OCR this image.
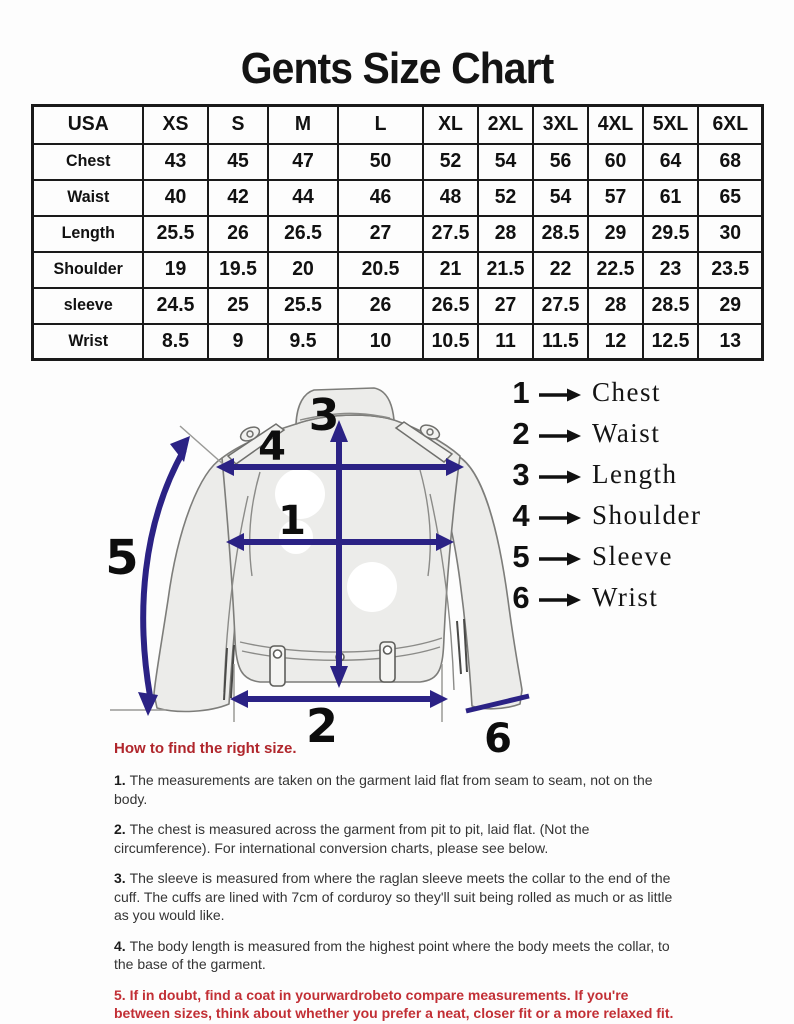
Gents Size Chart
USA	XS	S	M	L	XL	2XL	3XL	4XL	5XL	6XL
Chest	43	45	47	50	52	54	56	60	64	68
Waist	40	42	44	46	48	52	54	57	61	65
Length	25.5	26	26.5	27	27.5	28	28.5	29	29.5	30
Shoulder	19	19.5	20	20.5	21	21.5	22	22.5	23	23.5
sleeve	24.5	25	25.5	26	26.5	27	27.5	28	28.5	29
Wrist	8.5	9	9.5	10	10.5	11	11.5	12	12.5	13
3
4
1
5
2	6
1 Chest
2 Waist
3 Length
4 Shoulder
5 Sleeve
6 Wrist
How to find the right size.

1. The measurements are taken on the garment laid flat from seam to seam, not on the body.

2. The chest is measured across the garment from pit to pit, laid flat. (Not the circumference). For international conversion charts, please see below.

3. The sleeve is measured from where the raglan sleeve meets the collar to the end of the cuff. The cuffs are lined with 7cm of corduroy so they'll suit being rolled as much or as little as you would like.

4. The body length is measured from the highest point where the body meets the collar, to the base of the garment.

5. If in doubt, find a coat in yourwardrobeto compare measurements. If you're between sizes, think about whether you prefer a neat, closer fit or a more relaxed fit.
